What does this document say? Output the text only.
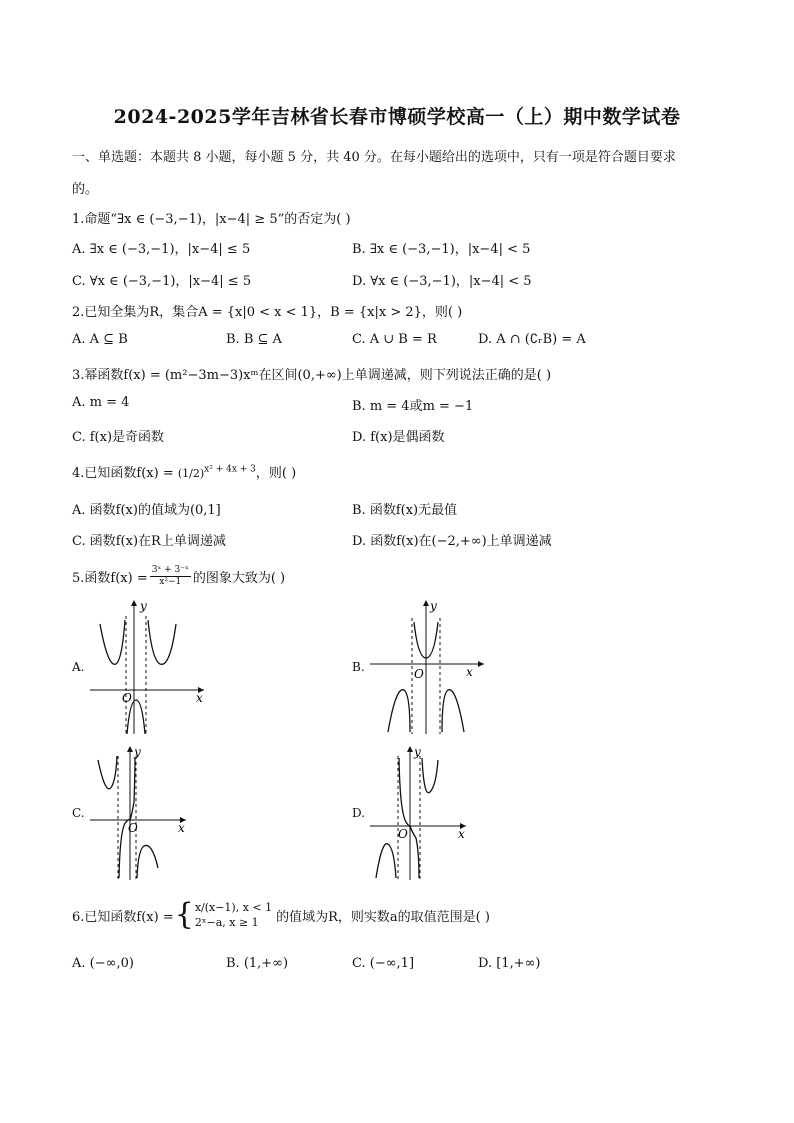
2024-2025学年吉林省长春市博硕学校高一（上）期中数学试卷
一、单选题：本题共 8 小题，每小题 5 分，共 40 分。在每小题给出的选项中，只有一项是符合题目要求
的。
1.命题“∃x ∈ (−3,−1)，|x−4| ≥ 5”的否定为( )
A. ∃x ∈ (−3,−1)，|x−4| ≤ 5	B. ∃x ∈ (−3,−1)，|x−4| < 5
C. ∀x ∈ (−3,−1)，|x−4| ≤ 5	D. ∀x ∈ (−3,−1)，|x−4| < 5
2.已知全集为R，集合A = {x|0 < x < 1}，B = {x|x > 2}，则( )
A. A ⊆ B	B. B ⊆ A	C. A ∪ B = R	D. A ∩ (∁ᵣB) = A
3.幂函数f(x) = (m²−3m−3)xᵐ在区间(0,+∞)上单调递减，则下列说法正确的是( )
A. m = 4	B. m = 4或m = −1
C. f(x)是奇函数	D. f(x)是偶函数
4.已知函数$f(x) = (1/2)^{x^2 + 4x + 3}$，则( )
A. 函数f(x)的值域为(0,1]	B. 函数f(x)无最值
C. 函数f(x)在R上单调递减	D. 函数f(x)在(−2,+∞)上单调递减
5.函数$f(x) = \frac{\text{3ˣ + 3⁻ˣ}}{\text{x²−1}}$ 的图象大致为( )
A.
O	x
y
B.	O	x
y
C.
O	x
y
D.
O	x
y
6.已知函数f(x) = { x/(x−1), x < 1
2ˣ−a, x ≥ 1	的值域为R，则实数a的取值范围是( )
A. (−∞,0)	B. (1,+∞)	C. (−∞,1]	D. [1,+∞)
